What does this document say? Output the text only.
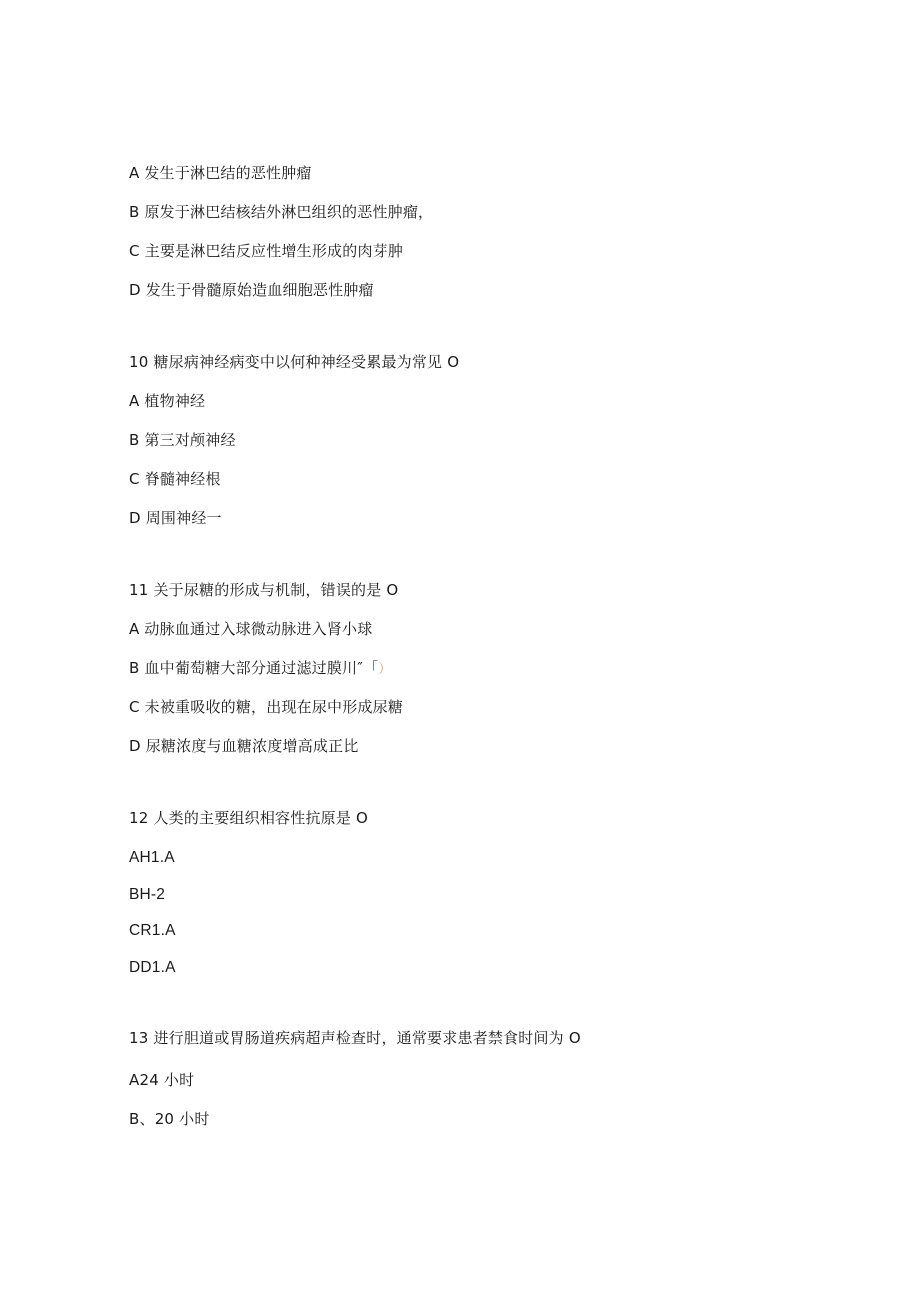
A 发生于淋巴结的恶性肿瘤
B 原发于淋巴结核结外淋巴组织的恶性肿瘤，
C 主要是淋巴结反应性增生形成的肉芽肿
D 发生于骨髓原始造血细胞恶性肿瘤
10 糖尿病神经病变中以何种神经受累最为常见 O
A 植物神经
B 第三对颅神经
C 脊髓神经根
D 周围神经一
11 关于尿糖的形成与机制，错误的是 O
A 动脉血通过入球微动脉进入肾小球
B 血中葡萄糖大部分通过滤过膜川″「）
C 未被重吸收的糖，出现在尿中形成尿糖
D 尿糖浓度与血糖浓度增高成正比
12 人类的主要组织相容性抗原是 O
AH1.A
BH-2
CR1.A
DD1.A
13 进行胆道或胃肠道疾病超声检查时，通常要求患者禁食时间为 O
A24 小时
B、20 小时
